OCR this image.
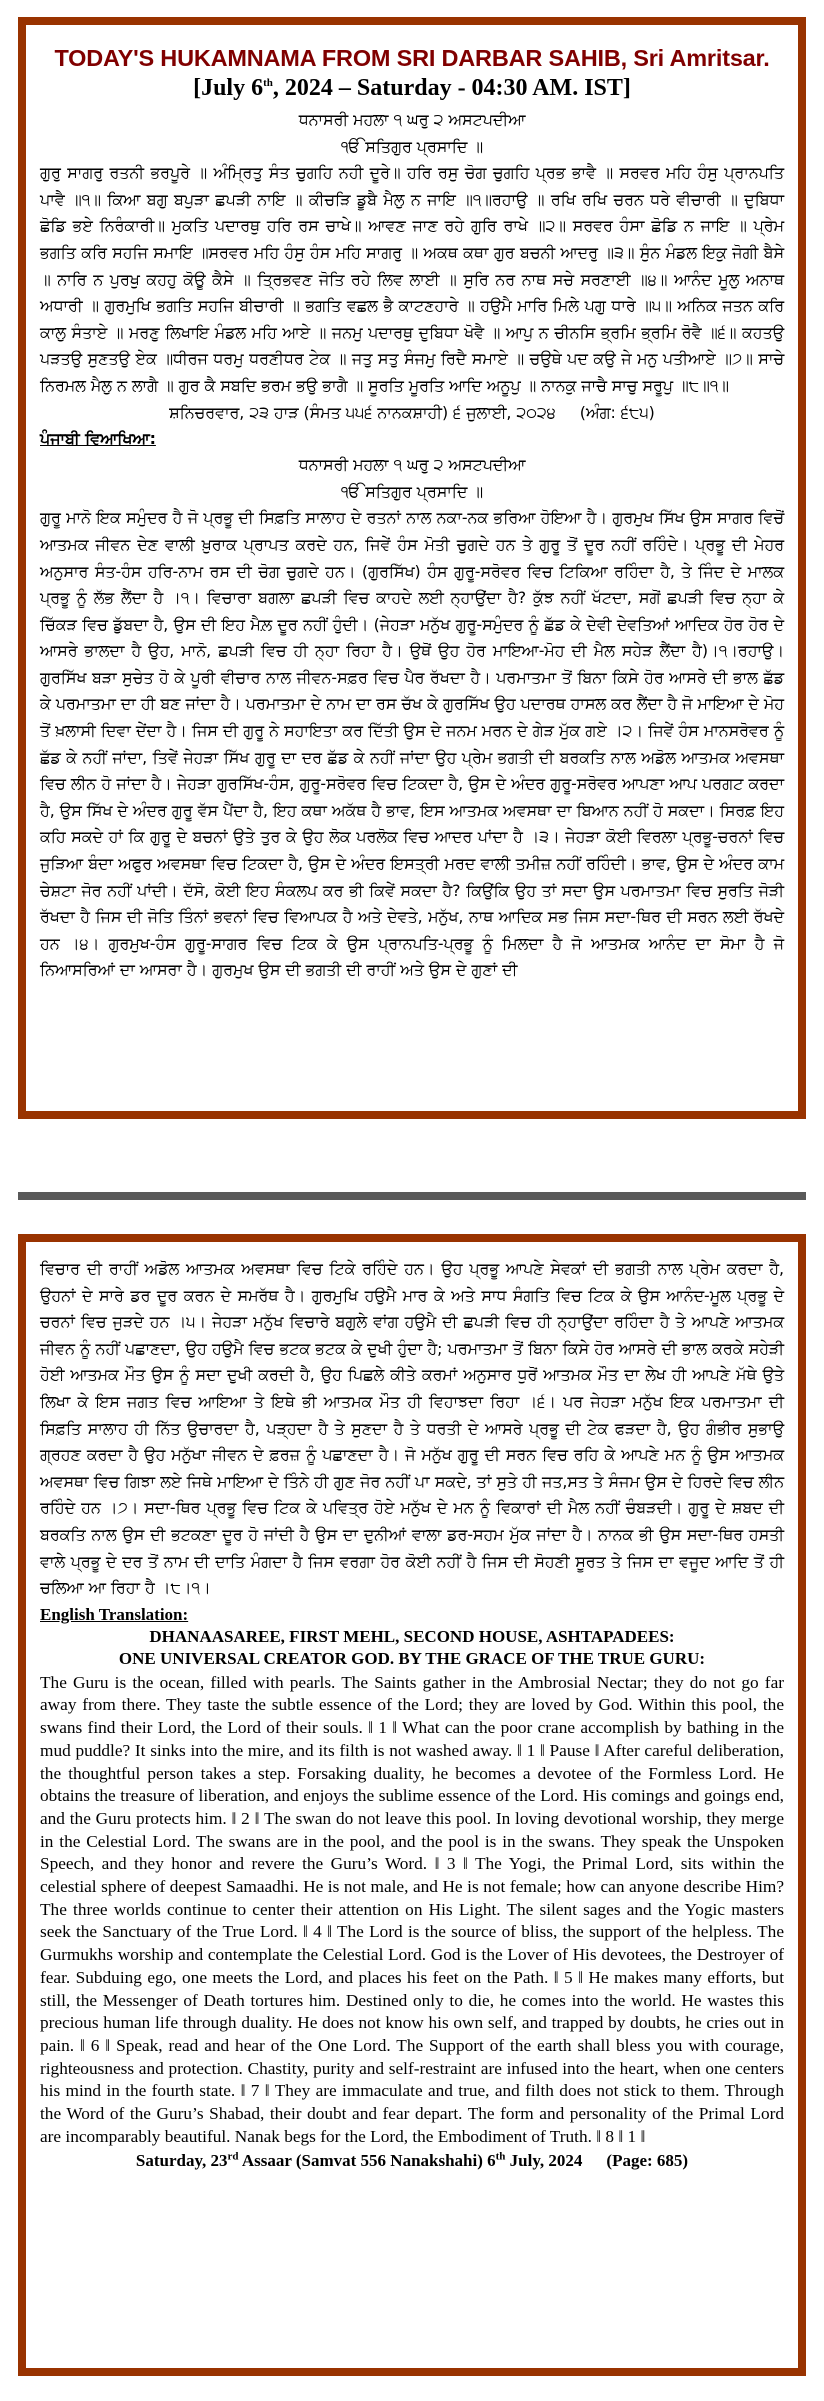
TODAY'S HUKAMNAMA FROM SRI DARBAR SAHIB, Sri Amritsar.
[July 6th, 2024 – Saturday - 04:30 AM. IST]

ਧਨਾਸਰੀ ਮਹਲਾ ੧ ਘਰੁ ੨ ਅਸਟਪਦੀਆ

ੴ ਸਤਿਗੁਰ ਪ੍ਰਸਾਦਿ ॥

ਗੁਰੁ ਸਾਗਰੁ ਰਤਨੀ ਭਰਪੂਰੇ ॥ ਅੰਮ੍ਰਿਤੁ ਸੰਤ ਚੁਗਹਿ ਨਹੀ ਦੂਰੇ॥ ਹਰਿ ਰਸੁ ਚੋਗ ਚੁਗਹਿ ਪ੍ਰਭ ਭਾਵੈ ॥ ਸਰਵਰ ਮਹਿ ਹੰਸੁ ਪ੍ਰਾਨਪਤਿ ਪਾਵੈ ॥੧॥ ਕਿਆ ਬਗੁ ਬਪੁੜਾ ਛਪੜੀ ਨਾਇ ॥ ਕੀਚੜਿ ਡੂਬੈ ਮੈਲੁ ਨ ਜਾਇ ॥੧॥ਰਹਾਉ ॥ ਰਖਿ ਰਖਿ ਚਰਨ ਧਰੇ ਵੀਚਾਰੀ ॥ ਦੁਬਿਧਾ ਛੋਡਿ ਭਏ ਨਿਰੰਕਾਰੀ॥ ਮੁਕਤਿ ਪਦਾਰਥੁ ਹਰਿ ਰਸ ਚਾਖੇ॥ ਆਵਣ ਜਾਣ ਰਹੇ ਗੁਰਿ ਰਾਖੇ ॥੨॥ ਸਰਵਰ ਹੰਸਾ ਛੋਡਿ ਨ ਜਾਇ ॥ ਪ੍ਰੇਮ ਭਗਤਿ ਕਰਿ ਸਹਜਿ ਸਮਾਇ ॥ਸਰਵਰ ਮਹਿ ਹੰਸੁ ਹੰਸ ਮਹਿ ਸਾਗਰੁ ॥ ਅਕਥ ਕਥਾ ਗੁਰ ਬਚਨੀ ਆਦਰੁ ॥੩॥ ਸੁੰਨ ਮੰਡਲ ਇਕੁ ਜੋਗੀ ਬੈਸੇ ॥ ਨਾਰਿ ਨ ਪੁਰਖੁ ਕਹਹੁ ਕੋਊ ਕੈਸੇ ॥ ਤ੍ਰਿਭਵਣ ਜੋਤਿ ਰਹੇ ਲਿਵ ਲਾਈ ॥ ਸੁਰਿ ਨਰ ਨਾਥ ਸਚੇ ਸਰਣਾਈ ॥੪॥ ਆਨੰਦ ਮੂਲੁ ਅਨਾਥ ਅਧਾਰੀ ॥ ਗੁਰਮੁਖਿ ਭਗਤਿ ਸਹਜਿ ਬੀਚਾਰੀ ॥ ਭਗਤਿ ਵਛਲ ਭੈ ਕਾਟਣਹਾਰੇ ॥ ਹਉਮੈ ਮਾਰਿ ਮਿਲੇ ਪਗੁ ਧਾਰੇ ॥੫॥ ਅਨਿਕ ਜਤਨ ਕਰਿ ਕਾਲੁ ਸੰਤਾਏ ॥ ਮਰਣੁ ਲਿਖਾਇ ਮੰਡਲ ਮਹਿ ਆਏ ॥ ਜਨਮੁ ਪਦਾਰਥੁ ਦੁਬਿਧਾ ਖੋਵੈ ॥ ਆਪੁ ਨ ਚੀਨਸਿ ਭ੍ਰਮਿ ਭ੍ਰਮਿ ਰੋਵੈ ॥੬॥ ਕਹਤਉ ਪੜਤਉ ਸੁਣਤਉ ਏਕ ॥ਧੀਰਜ ਧਰਮੁ ਧਰਣੀਧਰ ਟੇਕ ॥ ਜਤੁ ਸਤੁ ਸੰਜਮੁ ਰਿਦੈ ਸਮਾਏ ॥ ਚਉਥੇ ਪਦ ਕਉ ਜੇ ਮਨੁ ਪਤੀਆਏ ॥੭॥ ਸਾਚੇ ਨਿਰਮਲ ਮੈਲੁ ਨ ਲਾਗੈ ॥ ਗੁਰ ਕੈ ਸਬਦਿ ਭਰਮ ਭਉ ਭਾਗੈ ॥ ਸੂਰਤਿ ਮੂਰਤਿ ਆਦਿ ਅਨੂਪੁ ॥ ਨਾਨਕੁ ਜਾਚੈ ਸਾਚੁ ਸਰੂਪੁ ॥੮॥੧॥

ਸ਼ਨਿਚਰਵਾਰ, ੨੩ ਹਾੜ (ਸੰਮਤ ੫੫੬ ਨਾਨਕਸ਼ਾਹੀ) ੬ ਜੁਲਾਈ, ੨੦੨੪ (ਅੰਗ: ੬੮੫)

ਪੰਜਾਬੀ ਵਿਆਖਿਆ:

ਧਨਾਸਰੀ ਮਹਲਾ ੧ ਘਰੁ ੨ ਅਸਟਪਦੀਆ

ੴ ਸਤਿਗੁਰ ਪ੍ਰਸਾਦਿ ॥

ਗੁਰੂ ਮਾਨੋ ਇਕ ਸਮੁੰਦਰ ਹੈ ਜੋ ਪ੍ਰਭੂ ਦੀ ਸਿਫ਼ਤਿ ਸਾਲਾਹ ਦੇ ਰਤਨਾਂ ਨਾਲ ਨਕਾ-ਨਕ ਭਰਿਆ ਹੋਇਆ ਹੈ। ਗੁਰਮੁਖ ਸਿੱਖ ਉਸ ਸਾਗਰ ਵਿਚੋਂ ਆਤਮਕ ਜੀਵਨ ਦੇਣ ਵਾਲੀ ਖ਼ੁਰਾਕ ਪ੍ਰਾਪਤ ਕਰਦੇ ਹਨ, ਜਿਵੇਂ ਹੰਸ ਮੋਤੀ ਚੁਗਦੇ ਹਨ ਤੇ ਗੁਰੂ ਤੋਂ ਦੂਰ ਨਹੀਂ ਰਹਿੰਦੇ। ਪ੍ਰਭੂ ਦੀ ਮੇਹਰ ਅਨੁਸਾਰ ਸੰਤ-ਹੰਸ ਹਰਿ-ਨਾਮ ਰਸ ਦੀ ਚੋਗ ਚੁਗਦੇ ਹਨ। (ਗੁਰਸਿੱਖ) ਹੰਸ ਗੁਰੂ-ਸਰੋਵਰ ਵਿਚ ਟਿਕਿਆ ਰਹਿੰਦਾ ਹੈ, ਤੇ ਜਿੰਦ ਦੇ ਮਾਲਕ ਪ੍ਰਭੂ ਨੂੰ ਲੱਭ ਲੈਂਦਾ ਹੈ ।੧। ਵਿਚਾਰਾ ਬਗਲਾ ਛਪੜੀ ਵਿਚ ਕਾਹਦੇ ਲਈ ਨ੍ਹਾਉਂਦਾ ਹੈ? ਕੁੱਝ ਨਹੀਂ ਖੱਟਦਾ, ਸਗੋਂ ਛਪੜੀ ਵਿਚ ਨ੍ਹਾ ਕੇ ਚਿੱਕੜ ਵਿਚ ਡੁੱਬਦਾ ਹੈ, ਉਸ ਦੀ ਇਹ ਮੈਲ਼ ਦੂਰ ਨਹੀਂ ਹੁੰਦੀ। (ਜੇਹੜਾ ਮਨੁੱਖ ਗੁਰੂ-ਸਮੁੰਦਰ ਨੂੰ ਛੱਡ ਕੇ ਦੇਵੀ ਦੇਵਤਿਆਂ ਆਦਿਕ ਹੋਰ ਹੋਰ ਦੇ ਆਸਰੇ ਭਾਲਦਾ ਹੈ ਉਹ, ਮਾਨੋ, ਛਪੜੀ ਵਿਚ ਹੀ ਨ੍ਹਾ ਰਿਹਾ ਹੈ। ਉਥੋਂ ਉਹ ਹੋਰ ਮਾਇਆ-ਮੋਹ ਦੀ ਮੈਲ ਸਹੇੜ ਲੈਂਦਾ ਹੈ)।੧।ਰਹਾਉ। ਗੁਰਸਿੱਖ ਬੜਾ ਸੁਚੇਤ ਹੋ ਕੇ ਪੂਰੀ ਵੀਚਾਰ ਨਾਲ ਜੀਵਨ-ਸਫ਼ਰ ਵਿਚ ਪੈਰ ਰੱਖਦਾ ਹੈ। ਪਰਮਾਤਮਾ ਤੋਂ ਬਿਨਾ ਕਿਸੇ ਹੋਰ ਆਸਰੇ ਦੀ ਭਾਲ ਛੱਡ ਕੇ ਪਰਮਾਤਮਾ ਦਾ ਹੀ ਬਣ ਜਾਂਦਾ ਹੈ। ਪਰਮਾਤਮਾ ਦੇ ਨਾਮ ਦਾ ਰਸ ਚੱਖ ਕੇ ਗੁਰਸਿੱਖ ਉਹ ਪਦਾਰਥ ਹਾਸਲ ਕਰ ਲੈਂਦਾ ਹੈ ਜੋ ਮਾਇਆ ਦੇ ਮੋਹ ਤੋਂ ਖ਼ਲਾਸੀ ਦਿਵਾ ਦੇਂਦਾ ਹੈ। ਜਿਸ ਦੀ ਗੁਰੂ ਨੇ ਸਹਾਇਤਾ ਕਰ ਦਿੱਤੀ ਉਸ ਦੇ ਜਨਮ ਮਰਨ ਦੇ ਗੇੜ ਮੁੱਕ ਗਏ ।੨। ਜਿਵੇਂ ਹੰਸ ਮਾਨਸਰੋਵਰ ਨੂੰ ਛੱਡ ਕੇ ਨਹੀਂ ਜਾਂਦਾ, ਤਿਵੇਂ ਜੇਹੜਾ ਸਿੱਖ ਗੁਰੂ ਦਾ ਦਰ ਛੱਡ ਕੇ ਨਹੀਂ ਜਾਂਦਾ ਉਹ ਪ੍ਰੇਮ ਭਗਤੀ ਦੀ ਬਰਕਤਿ ਨਾਲ ਅਡੋਲ ਆਤਮਕ ਅਵਸਥਾ ਵਿਚ ਲੀਨ ਹੋ ਜਾਂਦਾ ਹੈ। ਜੇਹੜਾ ਗੁਰਸਿੱਖ-ਹੰਸ, ਗੁਰੂ-ਸਰੋਵਰ ਵਿਚ ਟਿਕਦਾ ਹੈ, ਉਸ ਦੇ ਅੰਦਰ ਗੁਰੂ-ਸਰੋਵਰ ਆਪਣਾ ਆਪ ਪਰਗਟ ਕਰਦਾ ਹੈ, ਉਸ ਸਿੱਖ ਦੇ ਅੰਦਰ ਗੁਰੂ ਵੱਸ ਪੈਂਦਾ ਹੈ, ਇਹ ਕਥਾ ਅਕੱਥ ਹੈ ਭਾਵ, ਇਸ ਆਤਮਕ ਅਵਸਥਾ ਦਾ ਬਿਆਨ ਨਹੀਂ ਹੋ ਸਕਦਾ। ਸਿਰਫ਼ ਇਹ ਕਹਿ ਸਕਦੇ ਹਾਂ ਕਿ ਗੁਰੂ ਦੇ ਬਚਨਾਂ ਉਤੇ ਤੁਰ ਕੇ ਉਹ ਲੋਕ ਪਰਲੋਕ ਵਿਚ ਆਦਰ ਪਾਂਦਾ ਹੈ ।੩। ਜੇਹੜਾ ਕੋਈ ਵਿਰਲਾ ਪ੍ਰਭੂ-ਚਰਨਾਂ ਵਿਚ ਜੁੜਿਆ ਬੰਦਾ ਅਫੁਰ ਅਵਸਥਾ ਵਿਚ ਟਿਕਦਾ ਹੈ, ਉਸ ਦੇ ਅੰਦਰ ਇਸਤ੍ਰੀ ਮਰਦ ਵਾਲੀ ਤਮੀਜ਼ ਨਹੀਂ ਰਹਿੰਦੀ। ਭਾਵ, ਉਸ ਦੇ ਅੰਦਰ ਕਾਮ ਚੇਸ਼ਟਾ ਜੋਰ ਨਹੀਂ ਪਾਂਦੀ। ਦੱਸੋ, ਕੋਈ ਇਹ ਸੰਕਲਪ ਕਰ ਭੀ ਕਿਵੇਂ ਸਕਦਾ ਹੈ? ਕਿਉਂਕਿ ਉਹ ਤਾਂ ਸਦਾ ਉਸ ਪਰਮਾਤਮਾ ਵਿਚ ਸੁਰਤਿ ਜੋੜੀ ਰੱਖਦਾ ਹੈ ਜਿਸ ਦੀ ਜੋਤਿ ਤਿੰਨਾਂ ਭਵਨਾਂ ਵਿਚ ਵਿਆਪਕ ਹੈ ਅਤੇ ਦੇਵਤੇ, ਮਨੁੱਖ, ਨਾਥ ਆਦਿਕ ਸਭ ਜਿਸ ਸਦਾ-ਥਿਰ ਦੀ ਸਰਨ ਲਈ ਰੱਖਦੇ ਹਨ ।੪। ਗੁਰਮੁਖ-ਹੰਸ ਗੁਰੂ-ਸਾਗਰ ਵਿਚ ਟਿਕ ਕੇ ਉਸ ਪ੍ਰਾਨਪਤਿ-ਪ੍ਰਭੂ ਨੂੰ ਮਿਲਦਾ ਹੈ ਜੋ ਆਤਮਕ ਆਨੰਦ ਦਾ ਸੋਮਾ ਹੈ ਜੋ ਨਿਆਸਰਿਆਂ ਦਾ ਆਸਰਾ ਹੈ। ਗੁਰਮੁਖ ਉਸ ਦੀ ਭਗਤੀ ਦੀ ਰਾਹੀਂ ਅਤੇ ਉਸ ਦੇ ਗੁਣਾਂ ਦੀ

ਵਿਚਾਰ ਦੀ ਰਾਹੀਂ ਅਡੋਲ ਆਤਮਕ ਅਵਸਥਾ ਵਿਚ ਟਿਕੇ ਰਹਿੰਦੇ ਹਨ। ਉਹ ਪ੍ਰਭੂ ਆਪਣੇ ਸੇਵਕਾਂ ਦੀ ਭਗਤੀ ਨਾਲ ਪ੍ਰੇਮ ਕਰਦਾ ਹੈ, ਉਹਨਾਂ ਦੇ ਸਾਰੇ ਡਰ ਦੂਰ ਕਰਨ ਦੇ ਸਮਰੱਥ ਹੈ। ਗੁਰਮੁਖਿ ਹਉਮੈ ਮਾਰ ਕੇ ਅਤੇ ਸਾਧ ਸੰਗਤਿ ਵਿਚ ਟਿਕ ਕੇ ਉਸ ਆਨੰਦ-ਮੂਲ ਪ੍ਰਭੂ ਦੇ ਚਰਨਾਂ ਵਿਚ ਜੁੜਦੇ ਹਨ ।੫। ਜੇਹੜਾ ਮਨੁੱਖ ਵਿਚਾਰੇ ਬਗੁਲੇ ਵਾਂਗ ਹਉਮੈ ਦੀ ਛਪੜੀ ਵਿਚ ਹੀ ਨ੍ਹਾਉਂਦਾ ਰਹਿੰਦਾ ਹੈ ਤੇ ਆਪਣੇ ਆਤਮਕ ਜੀਵਨ ਨੂੰ ਨਹੀਂ ਪਛਾਣਦਾ, ਉਹ ਹਉਮੈ ਵਿਚ ਭਟਕ ਭਟਕ ਕੇ ਦੁਖੀ ਹੁੰਦਾ ਹੈ; ਪਰਮਾਤਮਾ ਤੋਂ ਬਿਨਾ ਕਿਸੇ ਹੋਰ ਆਸਰੇ ਦੀ ਭਾਲ ਕਰਕੇ ਸਹੇੜੀ ਹੋਈ ਆਤਮਕ ਮੌਤ ਉਸ ਨੂੰ ਸਦਾ ਦੁਖੀ ਕਰਦੀ ਹੈ, ਉਹ ਪਿਛਲੇ ਕੀਤੇ ਕਰਮਾਂ ਅਨੁਸਾਰ ਧੁਰੋਂ ਆਤਮਕ ਮੌਤ ਦਾ ਲੇਖ ਹੀ ਆਪਣੇ ਮੱਥੇ ਉਤੇ ਲਿਖਾ ਕੇ ਇਸ ਜਗਤ ਵਿਚ ਆਇਆ ਤੇ ਇਥੇ ਭੀ ਆਤਮਕ ਮੌਤ ਹੀ ਵਿਹਾਝਦਾ ਰਿਹਾ ।੬। ਪਰ ਜੇਹੜਾ ਮਨੁੱਖ ਇਕ ਪਰਮਾਤਮਾ ਦੀ ਸਿਫ਼ਤਿ ਸਾਲਾਹ ਹੀ ਨਿੱਤ ਉਚਾਰਦਾ ਹੈ, ਪੜ੍ਹਦਾ ਹੈ ਤੇ ਸੁਣਦਾ ਹੈ ਤੇ ਧਰਤੀ ਦੇ ਆਸਰੇ ਪ੍ਰਭੂ ਦੀ ਟੇਕ ਫੜਦਾ ਹੈ, ਉਹ ਗੰਭੀਰ ਸੁਭਾਉ ਗ੍ਰਹਣ ਕਰਦਾ ਹੈ ਉਹ ਮਨੁੱਖਾ ਜੀਵਨ ਦੇ ਫ਼ਰਜ਼ ਨੂੰ ਪਛਾਣਦਾ ਹੈ। ਜੋ ਮਨੁੱਖ ਗੁਰੂ ਦੀ ਸਰਨ ਵਿਚ ਰਹਿ ਕੇ ਆਪਣੇ ਮਨ ਨੂੰ ਉਸ ਆਤਮਕ ਅਵਸਥਾ ਵਿਚ ਗਿਝਾ ਲਏ ਜਿਥੇ ਮਾਇਆ ਦੇ ਤਿੰਨੇ ਹੀ ਗੁਣ ਜੋਰ ਨਹੀਂ ਪਾ ਸਕਦੇ, ਤਾਂ ਸੁਤੇ ਹੀ ਜਤ,ਸਤ ਤੇ ਸੰਜਮ ਉਸ ਦੇ ਹਿਰਦੇ ਵਿਚ ਲੀਨ ਰਹਿੰਦੇ ਹਨ ।੭। ਸਦਾ-ਥਿਰ ਪ੍ਰਭੂ ਵਿਚ ਟਿਕ ਕੇ ਪਵਿਤ੍ਰ ਹੋਏ ਮਨੁੱਖ ਦੇ ਮਨ ਨੂੰ ਵਿਕਾਰਾਂ ਦੀ ਮੈਲ ਨਹੀਂ ਚੰਬੜਦੀ। ਗੁਰੂ ਦੇ ਸ਼ਬਦ ਦੀ ਬਰਕਤਿ ਨਾਲ ਉਸ ਦੀ ਭਟਕਣਾ ਦੂਰ ਹੋ ਜਾਂਦੀ ਹੈ ਉਸ ਦਾ ਦੁਨੀਆਂ ਵਾਲਾ ਡਰ-ਸਹਮ ਮੁੱਕ ਜਾਂਦਾ ਹੈ। ਨਾਨਕ ਭੀ ਉਸ ਸਦਾ-ਥਿਰ ਹਸਤੀ ਵਾਲੇ ਪ੍ਰਭੂ ਦੇ ਦਰ ਤੋਂ ਨਾਮ ਦੀ ਦਾਤਿ ਮੰਗਦਾ ਹੈ ਜਿਸ ਵਰਗਾ ਹੋਰ ਕੋਈ ਨਹੀਂ ਹੈ ਜਿਸ ਦੀ ਸੋਹਣੀ ਸੂਰਤ ਤੇ ਜਿਸ ਦਾ ਵਜੂਦ ਆਦਿ ਤੋਂ ਹੀ ਚਲਿਆ ਆ ਰਿਹਾ ਹੈ ।੮।੧।

English Translation:
DHANAASAREE, FIRST MEHL, SECOND HOUSE, ASHTAPADEES:
ONE UNIVERSAL CREATOR GOD. BY THE GRACE OF THE TRUE GURU:

The Guru is the ocean, filled with pearls. The Saints gather in the Ambrosial Nectar; they do not go far away from there. They taste the subtle essence of the Lord; they are loved by God. Within this pool, the swans find their Lord, the Lord of their souls. ‖ 1 ‖ What can the poor crane accomplish by bathing in the mud puddle? It sinks into the mire, and its filth is not washed away. ‖ 1 ‖ Pause ‖ After careful deliberation, the thoughtful person takes a step. Forsaking duality, he becomes a devotee of the Formless Lord. He obtains the treasure of liberation, and enjoys the sublime essence of the Lord. His comings and goings end, and the Guru protects him. ‖ 2 ‖ The swan do not leave this pool. In loving devotional worship, they merge in the Celestial Lord. The swans are in the pool, and the pool is in the swans. They speak the Unspoken Speech, and they honor and revere the Guru’s Word. ‖ 3 ‖ The Yogi, the Primal Lord, sits within the celestial sphere of deepest Samaadhi. He is not male, and He is not female; how can anyone describe Him? The three worlds continue to center their attention on His Light. The silent sages and the Yogic masters seek the Sanctuary of the True Lord. ‖ 4 ‖ The Lord is the source of bliss, the support of the helpless. The Gurmukhs worship and contemplate the Celestial Lord. God is the Lover of His devotees, the Destroyer of fear. Subduing ego, one meets the Lord, and places his feet on the Path. ‖ 5 ‖ He makes many efforts, but still, the Messenger of Death tortures him. Destined only to die, he comes into the world. He wastes this precious human life through duality. He does not know his own self, and trapped by doubts, he cries out in pain. ‖ 6 ‖ Speak, read and hear of the One Lord. The Support of the earth shall bless you with courage, righteousness and protection. Chastity, purity and self-restraint are infused into the heart, when one centers his mind in the fourth state. ‖ 7 ‖ They are immaculate and true, and filth does not stick to them. Through the Word of the Guru’s Shabad, their doubt and fear depart. The form and personality of the Primal Lord are incomparably beautiful. Nanak begs for the Lord, the Embodiment of Truth. ‖ 8 ‖ 1 ‖

Saturday, 23rd Assaar (Samvat 556 Nanakshahi) 6th July, 2024 (Page: 685)
